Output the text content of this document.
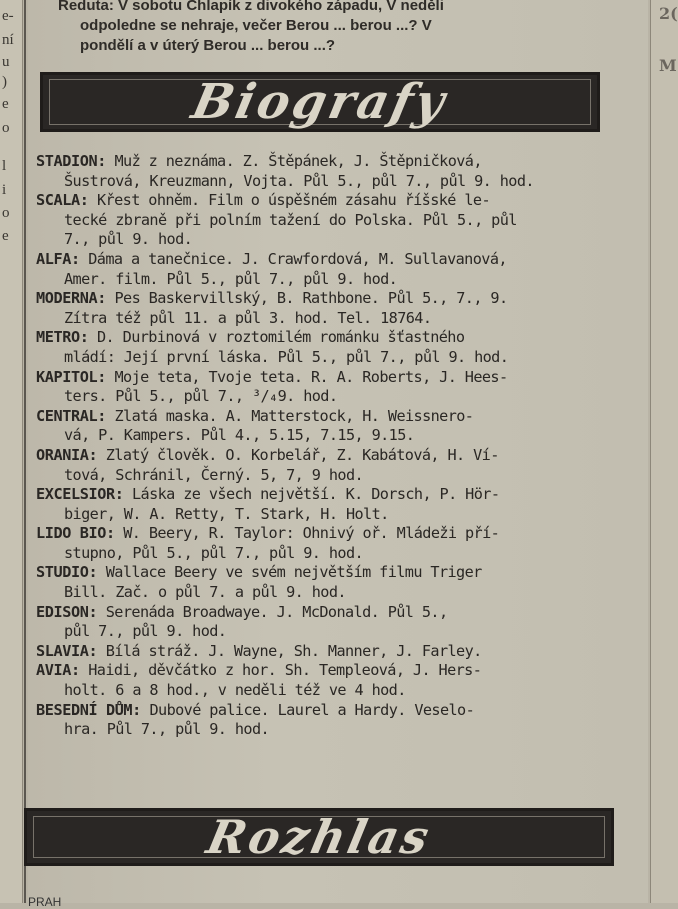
e-
ní
u
)
e
o
l
i
o
e
Reduta: V sobotu Chlapík z divokého západu, V neděli
odpoledne se nehraje, večer Berou ... berou ...? V
pondělí a v úterý Berou ... berou ...?
Biografy
STADION: Muž z neznáma. Z. Štěpánek, J. Štěpničková,
Šustrová, Kreuzmann, Vojta. Půl 5., půl 7., půl 9. hod.
SCALA: Křest ohněm. Film o úspěšném zásahu říšské le-
tecké zbraně při polním tažení do Polska. Půl 5., půl
7., půl 9. hod.
ALFA: Dáma a tanečnice. J. Crawfordová, M. Sullavanová,
Amer. film. Půl 5., půl 7., půl 9. hod.
MODERNA: Pes Baskervillský, B. Rathbone. Půl 5., 7., 9.
Zítra též půl 11. a půl 3. hod. Tel. 18764.
METRO: D. Durbinová v roztomilém románku šťastného
mládí: Její první láska. Půl 5., půl 7., půl 9. hod.
KAPITOL: Moje teta, Tvoje teta. R. A. Roberts, J. Hees-
ters. Půl 5., půl 7., ³/₄9. hod.
CENTRAL: Zlatá maska. A. Matterstock, H. Weissnero-
vá, P. Kampers. Půl 4., 5.15, 7.15, 9.15.
ORANIA: Zlatý člověk. O. Korbelář, Z. Kabátová, H. Ví-
tová, Schránil, Černý. 5, 7, 9 hod.
EXCELSIOR: Láska ze všech největší. K. Dorsch, P. Hör-
biger, W. A. Retty, T. Stark, H. Holt.
LIDO BIO: W. Beery, R. Taylor: Ohnivý oř. Mládeži pří-
stupno, Půl 5., půl 7., půl 9. hod.
STUDIO: Wallace Beery ve svém největším filmu Triger
Bill. Zač. o půl 7. a půl 9. hod.
EDISON: Serenáda Broadwaye. J. McDonald. Půl 5.,
půl 7., půl 9. hod.
SLAVIA: Bílá stráž. J. Wayne, Sh. Manner, J. Farley.
AVIA: Haidi, děvčátko z hor. Sh. Templeová, J. Hers-
holt. 6 a 8 hod., v neděli též ve 4 hod.
BESEDNÍ DŮM: Dubové palice. Laurel a Hardy. Veselo-
hra. Půl 7., půl 9. hod.
Rozhlas
2(
M
PRAH
